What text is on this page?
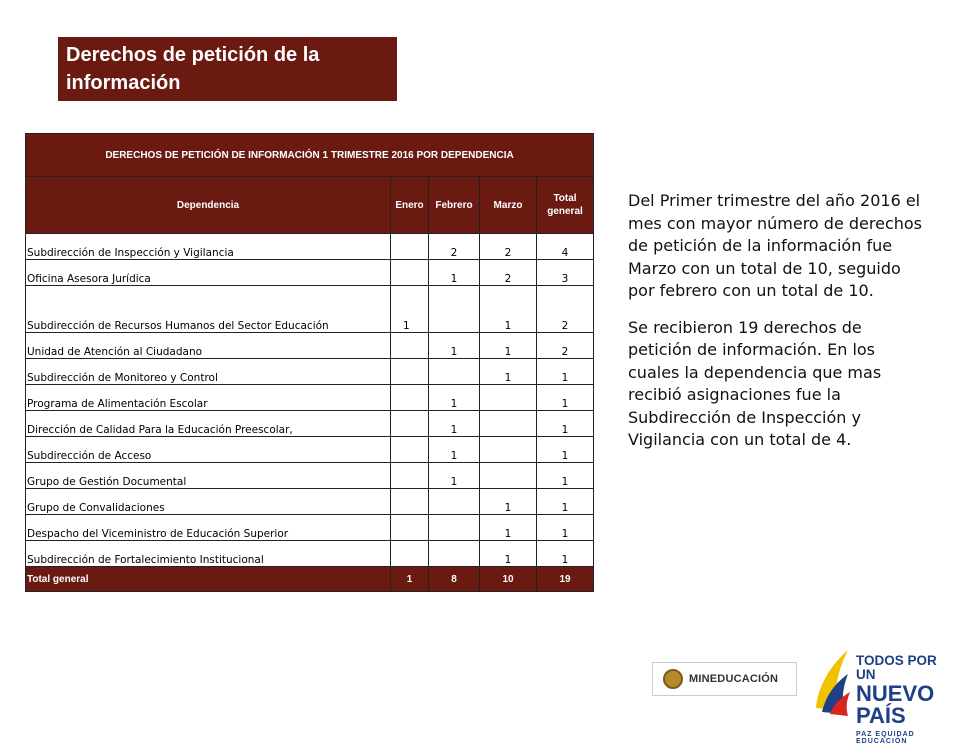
Derechos de petición de la información
DERECHOS DE PETICIÓN DE INFORMACIÓN 1 TRIMESTRE 2016 POR DEPENDENCIA				
Dependencia	Enero	Febrero	Marzo	Total general
Subdirección de Inspección y Vigilancia		2	2	4
Oficina Asesora Jurídica		1	2	3
Subdirección de Recursos Humanos del Sector Educación	1		1	2
Unidad de Atención al Ciudadano		1	1	2
Subdirección de Monitoreo y Control			1	1
Programa de Alimentación Escolar		1		1
Dirección de Calidad Para la Educación Preescolar,		1		1
Subdirección de Acceso		1		1
Grupo de Gestión Documental		1		1
Grupo de Convalidaciones			1	1
Despacho del Viceministro de Educación Superior			1	1
Subdirección de Fortalecimiento Institucional			1	1
Total general	1	8	10	19

Del Primer trimestre del año 2016 el mes con mayor número de derechos de petición de la información fue Marzo con un total de 10, seguido por febrero con un total de 10.

Se recibieron 19 derechos de petición de información. En los cuales la dependencia que mas recibió asignaciones fue la Subdirección de Inspección y Vigilancia con un total de 4.

MINEDUCACIÓN
TODOS POR UN
NUEVO PAÍS
PAZ EQUIDAD EDUCACIÓN
